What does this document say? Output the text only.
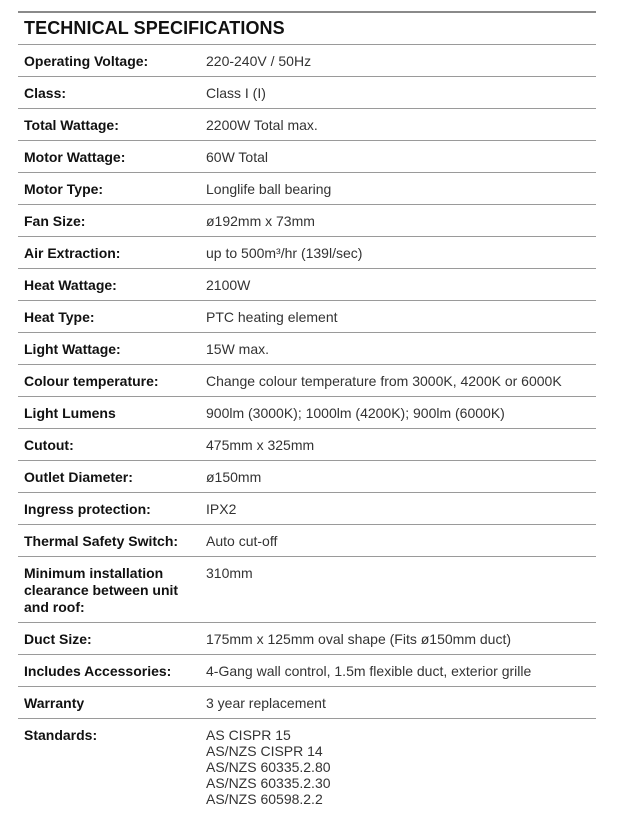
TECHNICAL SPECIFICATIONS
Operating Voltage:	220-240V / 50Hz
Class:	Class I (I)
Total Wattage:	2200W Total max.
Motor Wattage:	60W Total
Motor Type:	Longlife ball bearing
Fan Size:	ø192mm x 73mm
Air Extraction:	up to 500m³/hr (139l/sec)
Heat Wattage:	2100W
Heat Type:	PTC heating element
Light Wattage:	15W max.
Colour temperature:	Change colour temperature from 3000K, 4200K or 6000K
Light Lumens	900lm (3000K); 1000lm (4200K); 900lm (6000K)
Cutout:	475mm x 325mm
Outlet Diameter:	ø150mm
Ingress protection:	IPX2
Thermal Safety Switch:	Auto cut-off
Minimum installation clearance between unit and roof:
310mm
Duct Size:	175mm x 125mm oval shape (Fits ø150mm duct)
Includes Accessories:	4-Gang wall control, 1.5m flexible duct, exterior grille
Warranty	3 year replacement
Standards:	AS CISPR 15
AS/NZS CISPR 14
AS/NZS 60335.2.80
AS/NZS 60335.2.30
AS/NZS 60598.2.2
